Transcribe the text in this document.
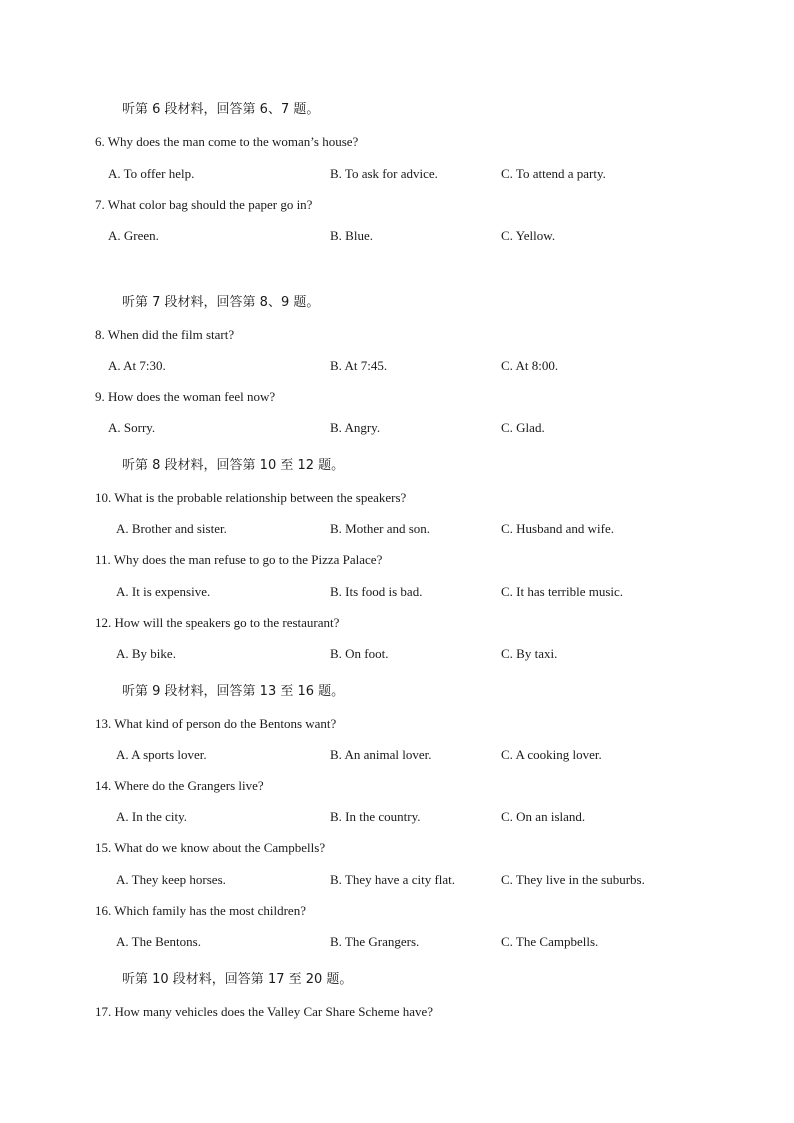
听第 6 段材料，回答第 6、7 题。
6. Why does the man come to the woman’s house?
A. To offer help.	B. To ask for advice.	C. To attend a party.
7. What color bag should the paper go in?
A. Green.	B. Blue.	C. Yellow.
听第 7 段材料，回答第 8、9 题。
8. When did the film start?
A. At 7:30.	B. At 7:45.	C. At 8:00.
9. How does the woman feel now?
A. Sorry.	B. Angry.	C. Glad.
听第 8 段材料，回答第 10 至 12 题。
10. What is the probable relationship between the speakers?
A. Brother and sister.	B. Mother and son.	C. Husband and wife.
11. Why does the man refuse to go to the Pizza Palace?
A. It is expensive.	B. Its food is bad.	C. It has terrible music.
12. How will the speakers go to the restaurant?
A. By bike.	B. On foot.	C. By taxi.
听第 9 段材料，回答第 13 至 16 题。
13. What kind of person do the Bentons want?
A. A sports lover.	B. An animal lover.	C. A cooking lover.
14. Where do the Grangers live?
A. In the city.	B. In the country.	C. On an island.
15. What do we know about the Campbells?
A. They keep horses.	B. They have a city flat.	C. They live in the suburbs.
16. Which family has the most children?
A. The Bentons.	B. The Grangers.	C. The Campbells.
听第 10 段材料，回答第 17 至 20 题。
17. How many vehicles does the Valley Car Share Scheme have?
